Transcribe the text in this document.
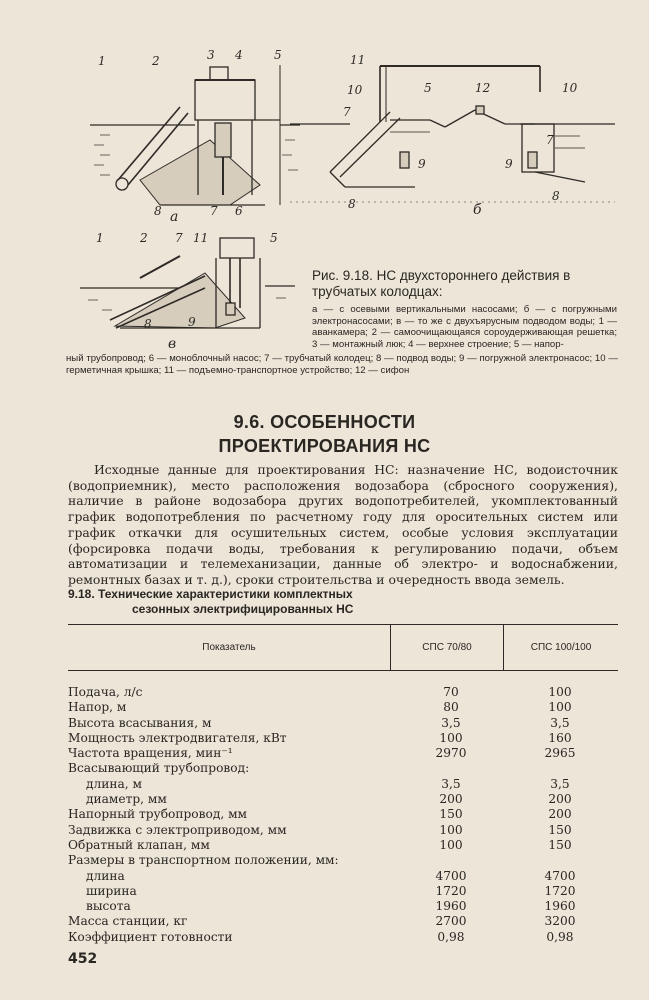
1	2	3 4	5
6
7
8 a
11
10
7
5	12	10
7
9	9
8
8
б
1	2 7 11	5
8	9
в

Рис. 9.18. НС двухстороннего действия в трубчатых колодцах:

а — с осевыми вертикальными насосами; б — с погружными электронасосами; в — то же с двухъярусным подводом воды; 1 — аванкамера; 2 — самоочищающаяся сороудерживающая решетка; 3 — монтажный люк; 4 — верхнее строение; 5 — напор-
ный трубопровод; 6 — моноблочный насос; 7 — трубчатый колодец; 8 — подвод воды; 9 — погружной электронасос; 10 — герметичная крышка; 11 — подъемно-транспортное устройство; 12 — сифон
9.6. ОСОБЕННОСТИ
ПРОЕКТИРОВАНИЯ НС
Исходные данные для проектирования НС: назначение НС, водоисточник (водоприемник), место расположения водозабора (сбросного сооружения), наличие в районе водозабора других водопотребителей, укомплектованный график водопотребления по расчетному году для оросительных систем или график откачки для осушительных систем, особые условия эксплуатации (форсировка подачи воды, требования к регулированию подачи, объем автоматизации и телемеханизации, данные об электро- и водоснабжении, ремонтных базах и т. д.), сроки строительства и очередность ввода земель.
9.18. Технические характеристики комплектных
сезонных электрифицированных НС
Показатель	СПС 70/80	СПС 100/100
Подача, л/с	70	100
Напор, м	80	100
Высота всасывания, м	3,5	3,5
Мощность электродвигателя, кВт	100	160
Частота вращения, мин⁻¹	2970	2965
Всасывающий трубопровод:
длина, м	3,5	3,5
диаметр, мм	200	200
Напорный трубопровод, мм	150	200
Задвижка с электроприводом, мм	100	150
Обратный клапан, мм	100	150
Размеры в транспортном положении, мм:
длина	4700	4700
ширина	1720	1720
высота	1960	1960
Масса станции, кг	2700	3200
Коэффициент готовности	0,98	0,98
452
